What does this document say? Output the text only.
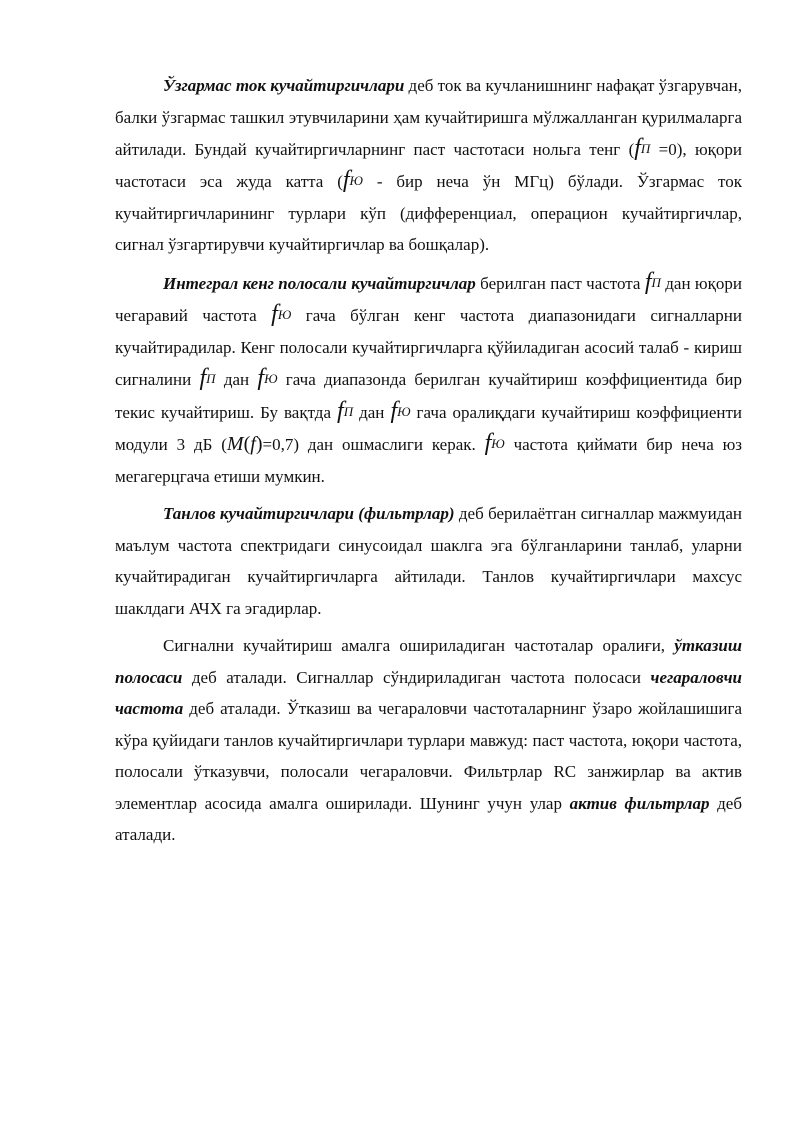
Ўзгармас ток кучайтиргичлари деб ток ва кучланишнинг нафақат ўзгарувчан, балки ўзгармас ташкил этувчиларини ҳам кучайтиришга мўлжалланган қурилмаларга айтилади. Бундай кучайтиргичларнинг паст частотаси нольга тенг (fП =0), юқори частотаси эса жуда катта (fЮ - бир неча ўн МГц) бўлади. Ўзгармас ток кучайтиргичларининг турлари кўп (дифференциал, операцион кучайтиргичлар, сигнал ўзгартирувчи кучайтиргичлар ва бошқалар).

Интеграл кенг полосали кучайтиргичлар берилган паст частота fП дан юқори чегаравий частота fЮ гача бўлган кенг частота диапазонидаги сигналларни кучайтирадилар. Кенг полосали кучайтиргичларга қўйиладиган асосий талаб - кириш сигналини fП дан fЮ гача диапазонда берилган кучайтириш коэффициентида бир текис кучайтириш. Бу вақтда fП дан fЮ гача оралиқдаги кучайтириш коэффициенти модули 3 дБ (M(f)=0,7) дан ошмаслиги керак. fЮ частота қиймати бир неча юз мегагерцгача етиши мумкин.

Танлов кучайтиргичлари (фильтрлар) деб берилаётган сигналлар мажмуидан маълум частота спектридаги синусоидал шаклга эга бўлганларини танлаб, уларни кучайтирадиган кучайтиргичларга айтилади. Танлов кучайтиргичлари махсус шаклдаги АЧХ га эгадирлар.

Сигнални кучайтириш амалга ошириладиган частоталар оралиғи, ўтказиш полосаси деб аталади. Сигналлар сўндириладиган частота полосаси чегараловчи частота деб аталади. Ўтказиш ва чегараловчи частоталарнинг ўзаро жойлашишига кўра қуйидаги танлов кучайтиргичлари турлари мавжуд: паст частота, юқори частота, полосали ўтказувчи, полосали чегараловчи. Фильтрлар RC занжирлар ва актив элементлар асосида амалга оширилади. Шунинг учун улар актив фильтрлар деб аталади.
